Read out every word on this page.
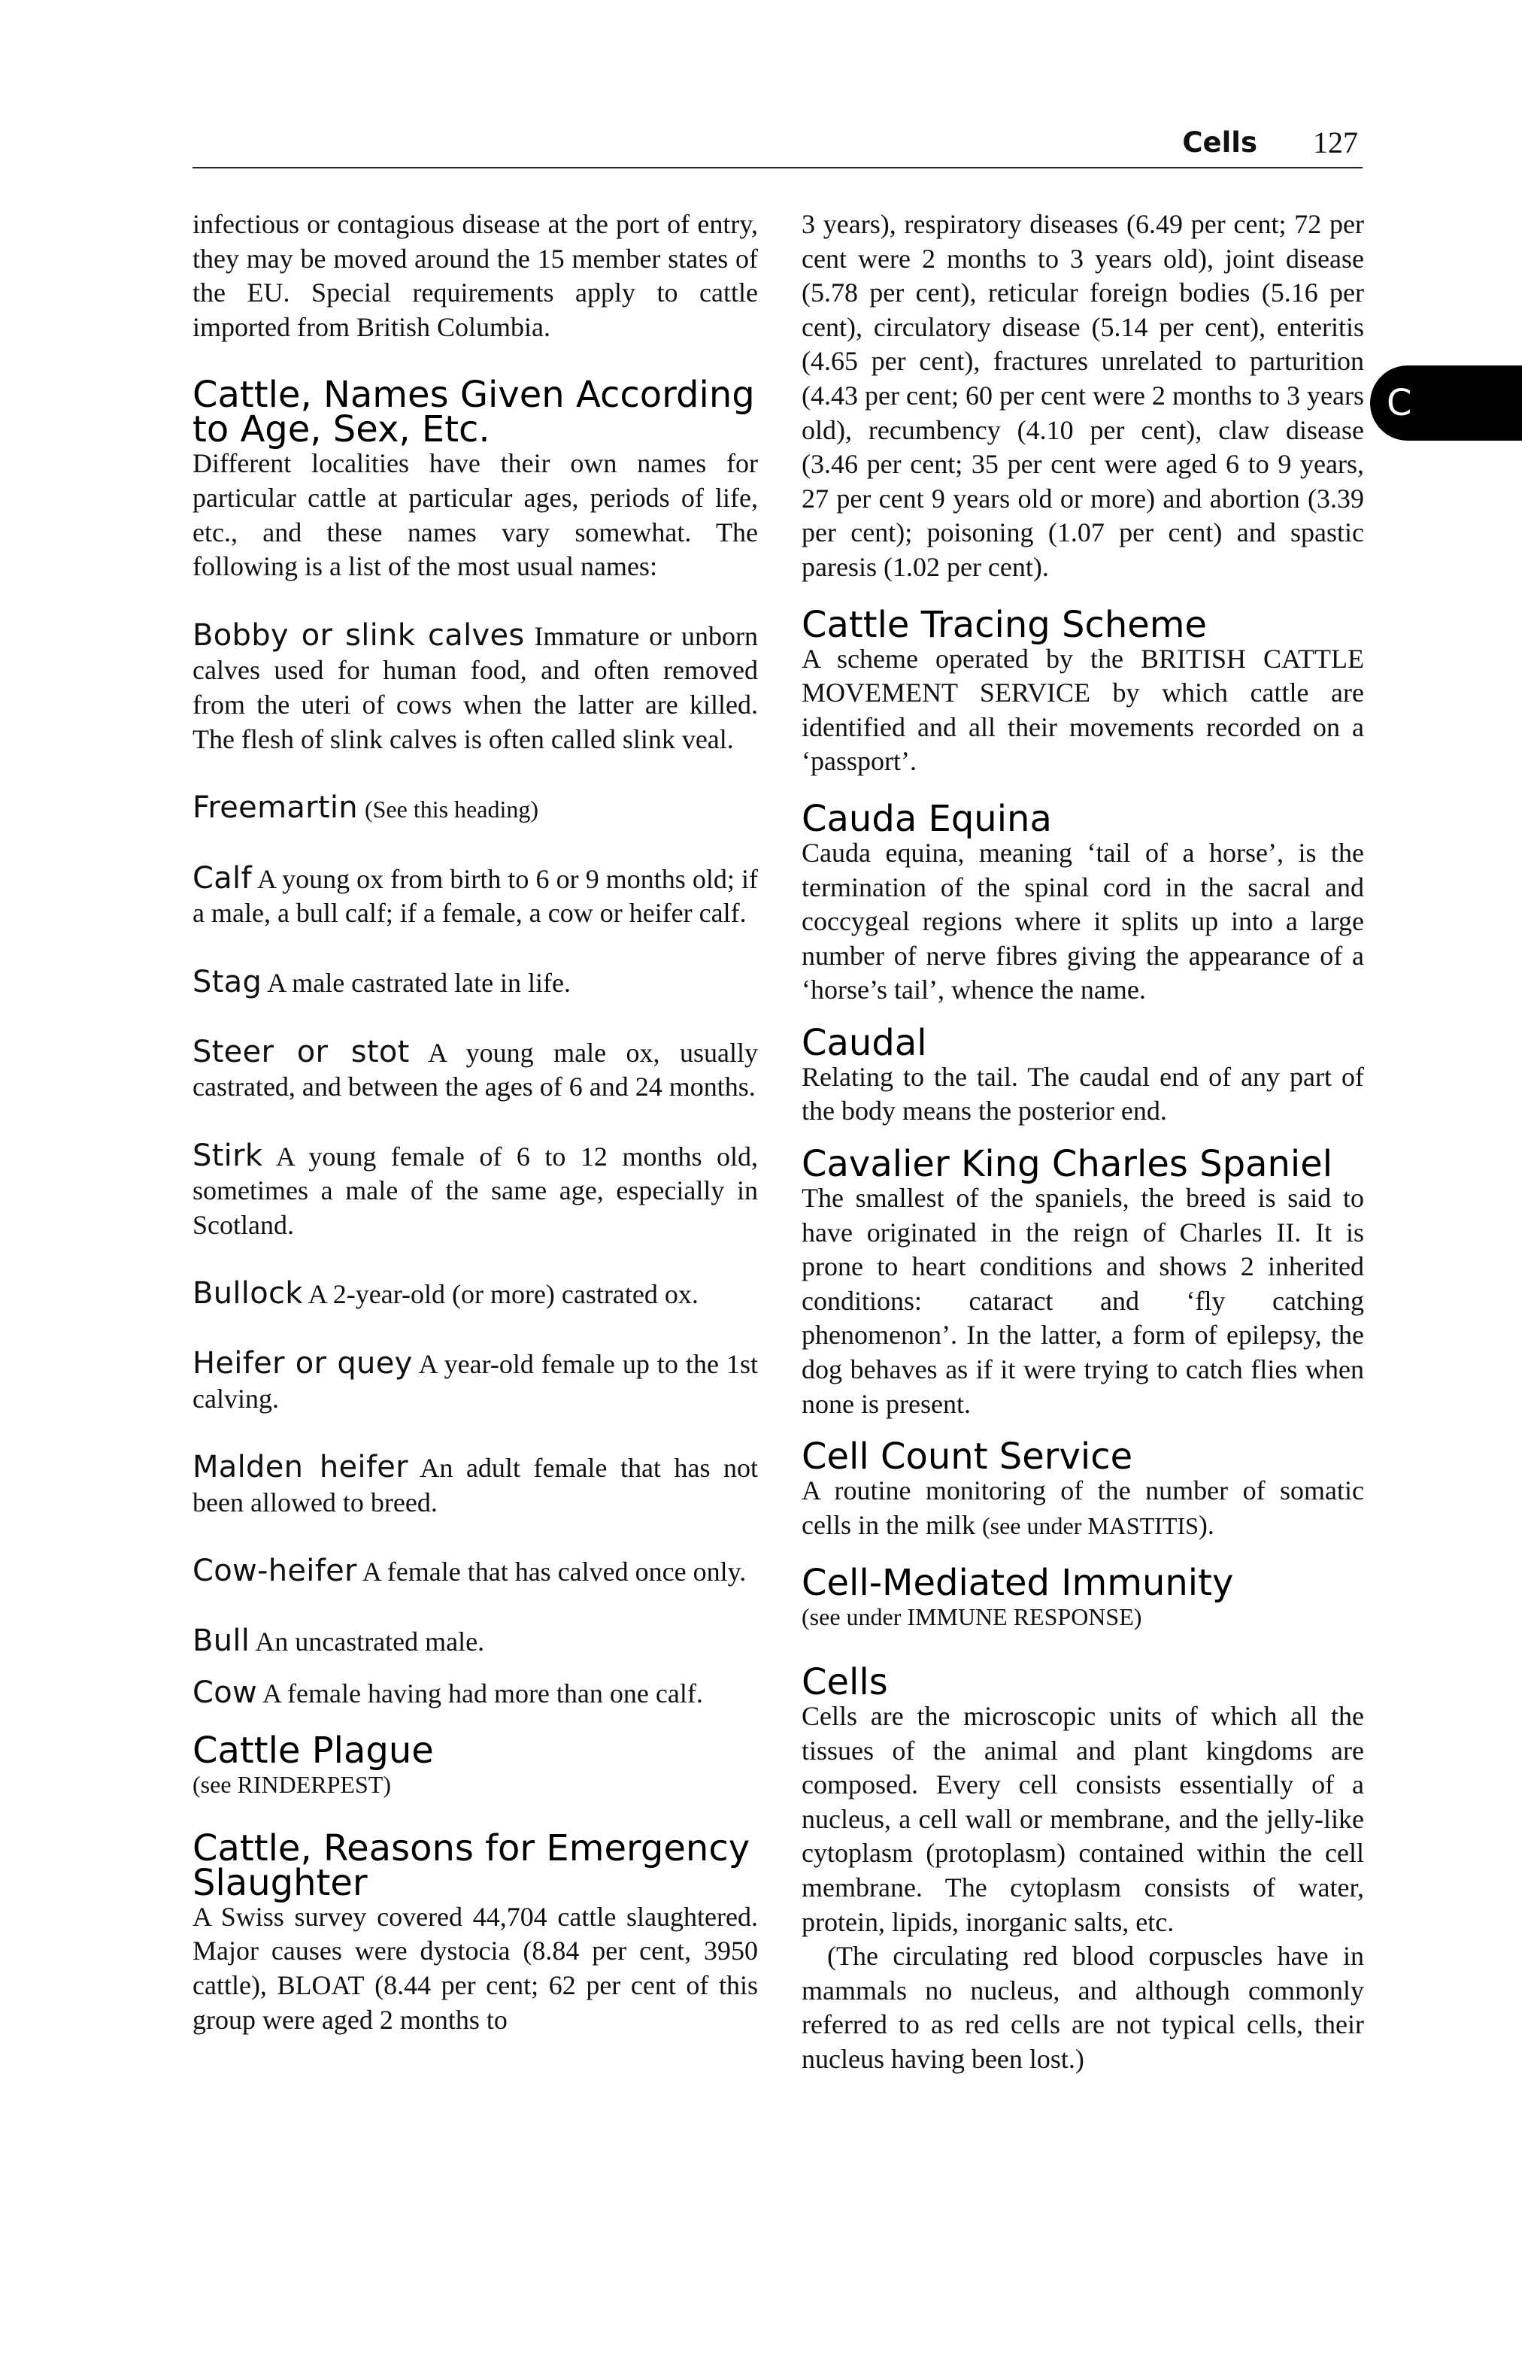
Cells 127
C

infectious or contagious disease at the port of entry, they may be moved around the 15 member states of the EU. Special requirements apply to cattle imported from British Columbia.

Cattle, Names Given According to Age, Sex, Etc.

Different localities have their own names for particular cattle at particular ages, periods of life, etc., and these names vary somewhat. The following is a list of the most usual names:

Bobby or slink calves Immature or unborn calves used for human food, and often removed from the uteri of cows when the latter are killed. The flesh of slink calves is often called slink veal.
Freemartin (See this heading)
Calf A young ox from birth to 6 or 9 months old; if a male, a bull calf; if a female, a cow or heifer calf.
Stag A male castrated late in life.
Steer or stot A young male ox, usually castrated, and between the ages of 6 and 24 months.
Stirk A young female of 6 to 12 months old, sometimes a male of the same age, especially in Scotland.
Bullock A 2-year-old (or more) castrated ox.
Heifer or quey A year-old female up to the 1st calving.
Malden heifer An adult female that has not been allowed to breed.
Cow-heifer A female that has calved once only.
Bull An uncastrated male.
Cow A female having had more than one calf.
Cattle Plague

(see RINDERPEST)

Cattle, Reasons for Emergency Slaughter

A Swiss survey covered 44,704 cattle slaughtered. Major causes were dystocia (8.84 per cent, 3950 cattle), BLOAT (8.44 per cent; 62 per cent of this group were aged 2 months to

3 years), respiratory diseases (6.49 per cent; 72 per cent were 2 months to 3 years old), joint disease (5.78 per cent), reticular foreign bodies (5.16 per cent), circulatory disease (5.14 per cent), enteritis (4.65 per cent), fractures unrelated to parturition (4.43 per cent; 60 per cent were 2 months to 3 years old), recumbency (4.10 per cent), claw disease (3.46 per cent; 35 per cent were aged 6 to 9 years, 27 per cent 9 years old or more) and abortion (3.39 per cent); poisoning (1.07 per cent) and spastic paresis (1.02 per cent).

Cattle Tracing Scheme

A scheme operated by the BRITISH CATTLE MOVEMENT SERVICE by which cattle are identified and all their movements recorded on a ‘passport’.

Cauda Equina

Cauda equina, meaning ‘tail of a horse’, is the termination of the spinal cord in the sacral and coccygeal regions where it splits up into a large number of nerve fibres giving the appearance of a ‘horse’s tail’, whence the name.

Caudal

Relating to the tail. The caudal end of any part of the body means the posterior end.

Cavalier King Charles Spaniel

The smallest of the spaniels, the breed is said to have originated in the reign of Charles II. It is prone to heart conditions and shows 2 inherited conditions: cataract and ‘fly catching phenomenon’. In the latter, a form of epilepsy, the dog behaves as if it were trying to catch flies when none is present.

Cell Count Service

A routine monitoring of the number of somatic cells in the milk (see under MASTITIS).

Cell-Mediated Immunity

(see under IMMUNE RESPONSE)

Cells

Cells are the microscopic units of which all the tissues of the animal and plant kingdoms are composed. Every cell consists essentially of a nucleus, a cell wall or membrane, and the jelly-like cytoplasm (protoplasm) contained within the cell membrane. The cytoplasm consists of water, protein, lipids, inorganic salts, etc.

(The circulating red blood corpuscles have in mammals no nucleus, and although commonly referred to as red cells are not typical cells, their nucleus having been lost.)
